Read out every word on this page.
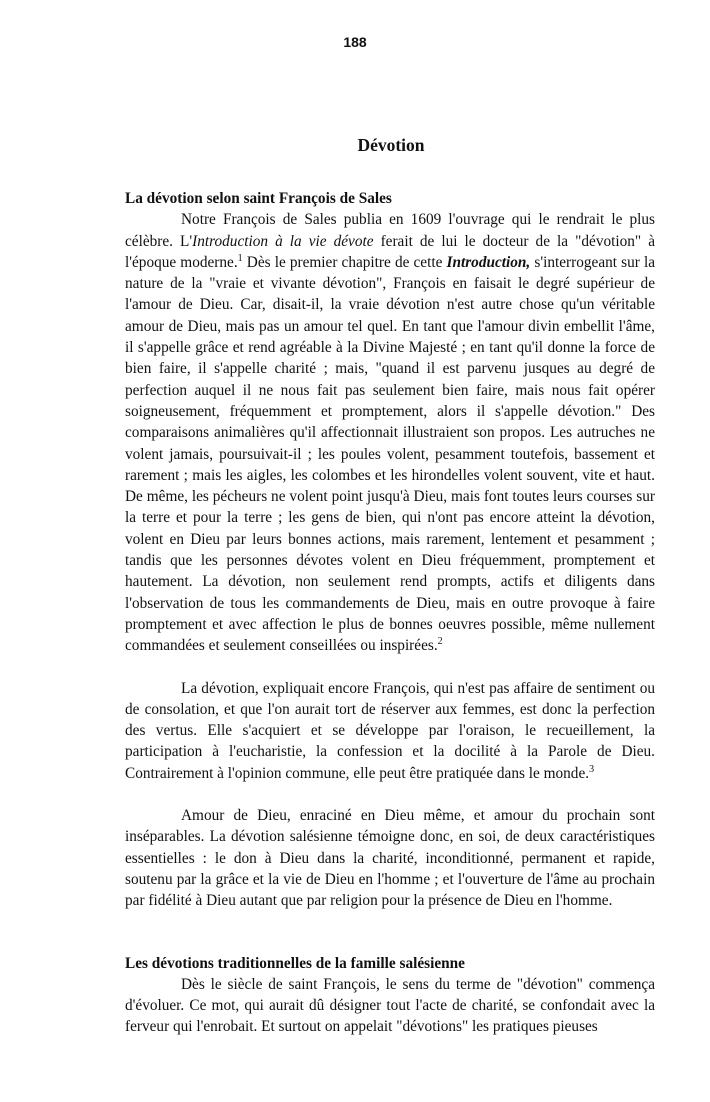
188
Dévotion

La dévotion selon saint François de Sales

Notre François de Sales publia en 1609 l'ouvrage qui le rendrait le plus célèbre. L'Introduction à la vie dévote ferait de lui le docteur de la "dévotion" à l'époque moderne.$^1$ Dès le premier chapitre de cette Introduction, s'interrogeant sur la nature de la "vraie et vivante dévotion", François en faisait le degré supérieur de l'amour de Dieu. Car, disait-il, la vraie dévotion n'est autre chose qu'un véritable amour de Dieu, mais pas un amour tel quel. En tant que l'amour divin embellit l'âme, il s'appelle grâce et rend agréable à la Divine Majesté ; en tant qu'il donne la force de bien faire, il s'appelle charité ; mais, "quand il est parvenu jusques au degré de perfection auquel il ne nous fait pas seulement bien faire, mais nous fait opérer soigneusement, fréquemment et promptement, alors il s'appelle dévotion." Des comparaisons animalières qu'il affectionnait illustraient son propos. Les autruches ne volent jamais, poursuivait-il ; les poules volent, pesamment toutefois, bassement et rarement ; mais les aigles, les colombes et les hirondelles volent souvent, vite et haut. De même, les pécheurs ne volent point jusqu'à Dieu, mais font toutes leurs courses sur la terre et pour la terre ; les gens de bien, qui n'ont pas encore atteint la dévotion, volent en Dieu par leurs bonnes actions, mais rarement, lentement et pesamment ; tandis que les personnes dévotes volent en Dieu fréquemment, promptement et hautement. La dévotion, non seulement rend prompts, actifs et diligents dans l'observation de tous les commandements de Dieu, mais en outre provoque à faire promptement et avec affection le plus de bonnes oeuvres possible, même nullement commandées et seulement conseillées ou inspirées.$^2$

La dévotion, expliquait encore François, qui n'est pas affaire de sentiment ou de consolation, et que l'on aurait tort de réserver aux femmes, est donc la perfection des vertus. Elle s'acquiert et se développe par l'oraison, le recueillement, la participation à l'eucharistie, la confession et la docilité à la Parole de Dieu. Contrairement à l'opinion commune, elle peut être pratiquée dans le monde.$^3$

Amour de Dieu, enraciné en Dieu même, et amour du prochain sont inséparables. La dévotion salésienne témoigne donc, en soi, de deux caractéristiques essentielles : le don à Dieu dans la charité, inconditionné, permanent et rapide, soutenu par la grâce et la vie de Dieu en l'homme ; et l'ouverture de l'âme au prochain par fidélité à Dieu autant que par religion pour la présence de Dieu en l'homme.

Les dévotions traditionnelles de la famille salésienne

Dès le siècle de saint François, le sens du terme de "dévotion" commença d'évoluer. Ce mot, qui aurait dû désigner tout l'acte de charité, se confondait avec la ferveur qui l'enrobait. Et surtout on appelait "dévotions" les pratiques pieuses
